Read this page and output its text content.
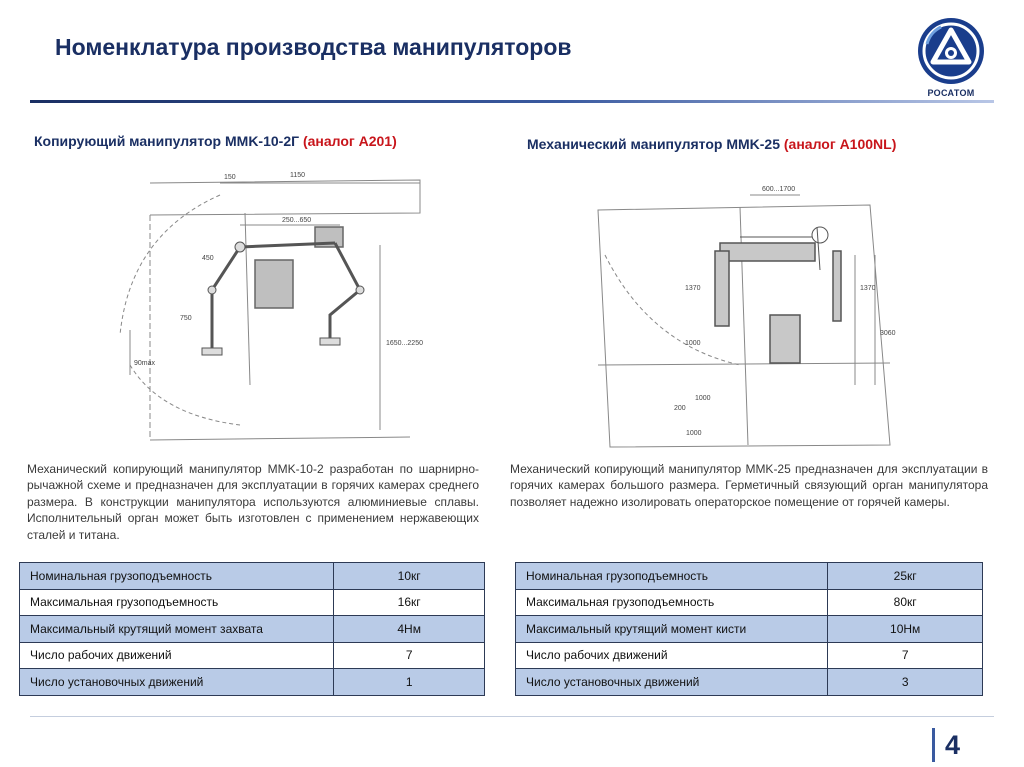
Номенклатура производства манипуляторов
РОСАТОМ
Копирующий манипулятор МMK-10-2Г (аналог А201)
150	1150
250...650
450
750
1650...2250
90max

Механический копирующий манипулятор МMK-10-2 разработан по шарнирно-рычажной схеме и предназначен для эксплуатации в горячих камерах среднего размера. В конструкции манипулятора используются алюминиевые сплавы. Исполнительный орган может быть изготовлен с применением нержавеющих сталей и титана.

Номинальная грузоподъемность	10кг
Максимальная грузоподъемность	16кг
Максимальный крутящий момент захвата	4Нм
Число рабочих движений	7
Число установочных движений	1
Механический манипулятор МMK-25 (аналог А100NL)
600...1700
1370	1370
1000
1000
3060
200
1000

Механический копирующий манипулятор МMK-25 предназначен для эксплуатации в горячих камерах большого размера. Герметичный связующий орган манипулятора позволяет надежно изолировать операторское помещение от горячей камеры.

Номинальная грузоподъемность	25кг
Максимальная грузоподъемность	80кг
Максимальный крутящий момент кисти	10Нм
Число рабочих движений	7
Число установочных движений	3
4
